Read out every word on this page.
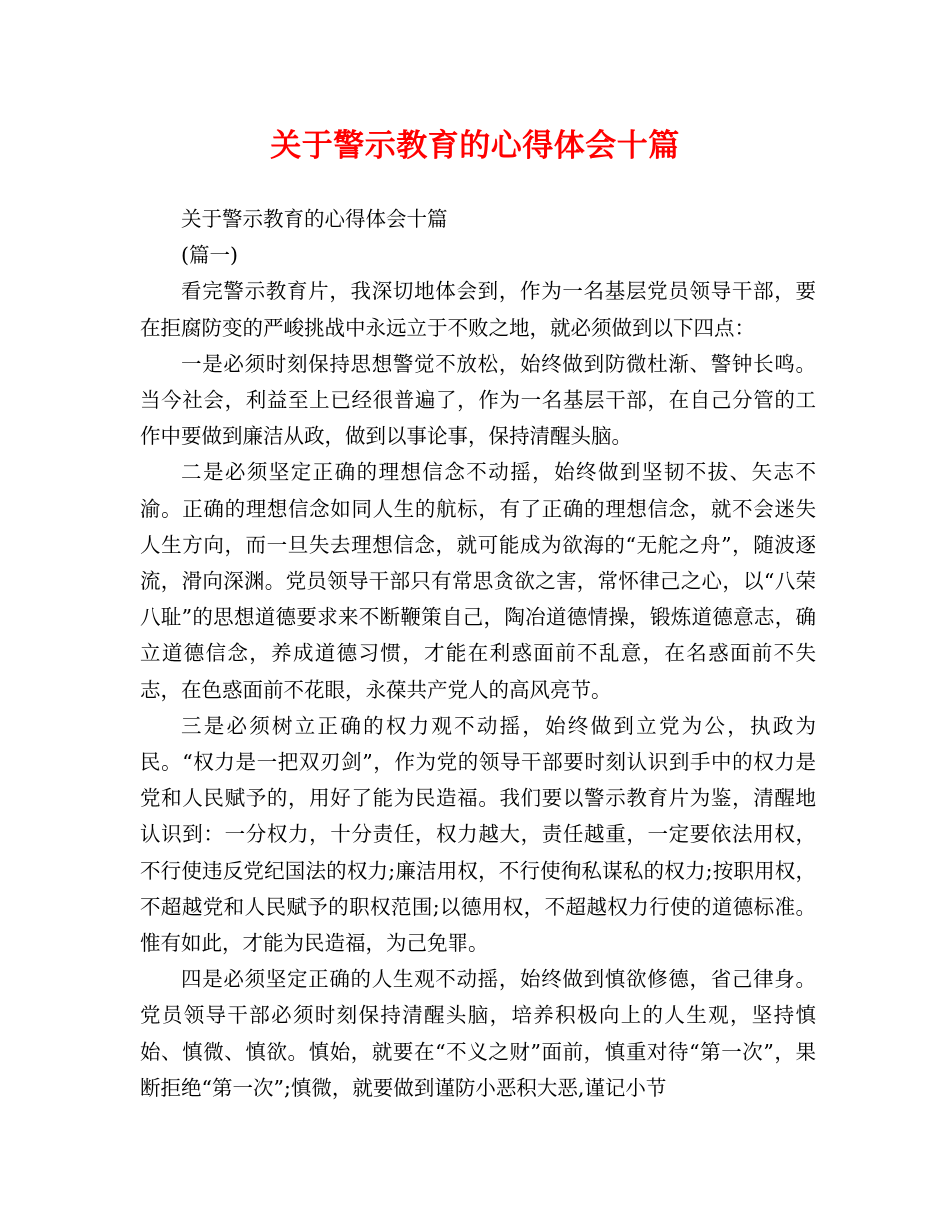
关于警示教育的心得体会十篇

关于警示教育的心得体会十篇

(篇一)

看完警示教育片，我深切地体会到，作为一名基层党员领导干部，要在拒腐防变的严峻挑战中永远立于不败之地，就必须做到以下四点：

一是必须时刻保持思想警觉不放松，始终做到防微杜渐、警钟长鸣。当今社会，利益至上已经很普遍了，作为一名基层干部，在自己分管的工作中要做到廉洁从政，做到以事论事，保持清醒头脑。

二是必须坚定正确的理想信念不动摇，始终做到坚韧不拔、矢志不渝。正确的理想信念如同人生的航标，有了正确的理想信念，就不会迷失人生方向，而一旦失去理想信念，就可能成为欲海的“无舵之舟”，随波逐流，滑向深渊。党员领导干部只有常思贪欲之害，常怀律己之心，以“八荣八耻”的思想道德要求来不断鞭策自己，陶冶道德情操，锻炼道德意志，确立道德信念，养成道德习惯，才能在利惑面前不乱意，在名惑面前不失志，在色惑面前不花眼，永葆共产党人的高风亮节。

三是必须树立正确的权力观不动摇，始终做到立党为公，执政为民。“权力是一把双刃剑”，作为党的领导干部要时刻认识到手中的权力是党和人民赋予的，用好了能为民造福。我们要以警示教育片为鉴，清醒地认识到：一分权力，十分责任，权力越大，责任越重，一定要依法用权，不行使违反党纪国法的权力;廉洁用权，不行使徇私谋私的权力;按职用权，不超越党和人民赋予的职权范围;以德用权，不超越权力行使的道德标准。惟有如此，才能为民造福，为己免罪。

四是必须坚定正确的人生观不动摇，始终做到慎欲修德，省己律身。党员领导干部必须时刻保持清醒头脑，培养积极向上的人生观，坚持慎始、慎微、慎欲。慎始，就要在“不义之财”面前，慎重对待“第一次”，果断拒绝“第一次”;慎微，就要做到谨防小恶积大恶,谨记小节
